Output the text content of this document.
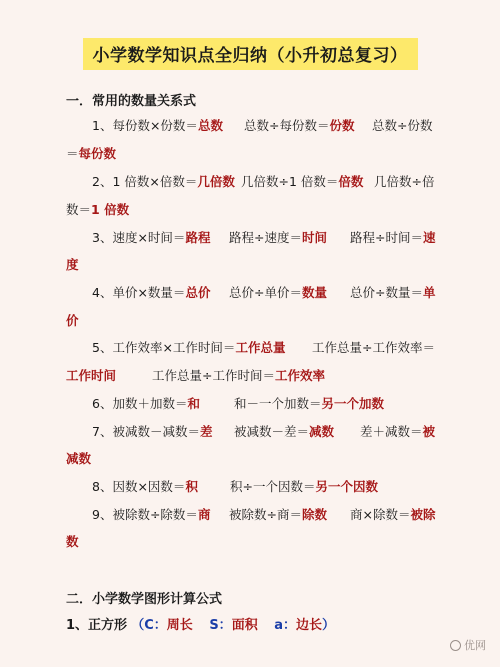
小学数学知识点全归纳（小升初总复习）
一．常用的数量关系式
1、每份数×份数＝总数 总数÷每份数＝份数 总数÷份数
＝每份数
2、1 倍数×倍数＝几倍数 几倍数÷1 倍数＝倍数 几倍数÷倍
数＝1 倍数
3、速度×时间＝路程 路程÷速度＝时间 路程÷时间＝速
度
4、单价×数量＝总价 总价÷单价＝数量 总价÷数量＝单
价
5、工作效率×工作时间＝工作总量 工作总量÷工作效率＝
工作时间	工作总量÷工作时间＝工作效率
6、加数＋加数＝和	和－一个加数＝另一个加数
7、被减数－减数＝差 被减数－差＝减数 差＋减数＝被
减数
8、因数×因数＝积	积÷一个因数＝另一个因数
9、被除数÷除数＝商 被除数÷商＝除数 商×除数＝被除
数
二．小学数学图形计算公式
1、正方形 （C：周长 S：面积 a：边长）
优网
